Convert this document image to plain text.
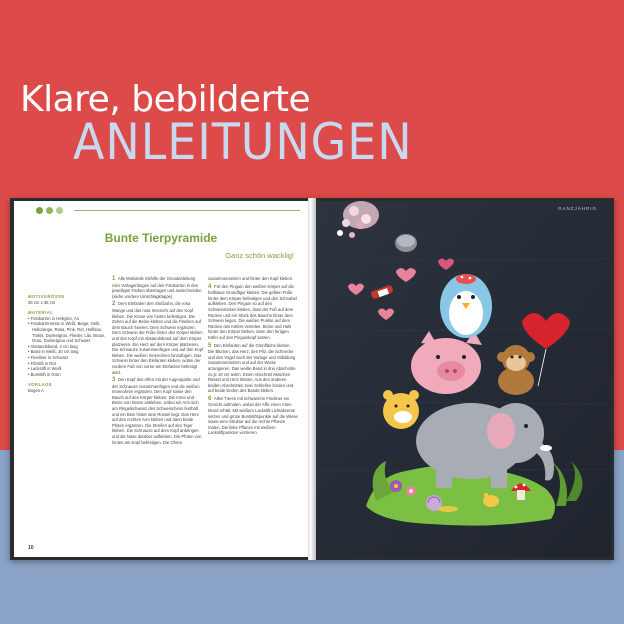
Klare, bebilderte
ANLEITUNGEN
Bunte Tierpyramide
Ganz schön wacklig!
MOTIVGRÖSSE
26 cm x 35 cm
MATERIAL
• Fotokarton in Hellgrün, A4
• Fotokartonreste in Weiß, Beige, Gelb, Hellorange, Rosa, Pink, Rot, Hellblau, Türkis, Dunkelgrün, Flieder, Lila, Braun, Grau, Dunkelgrau und Schwarz
• Abstandsband, 2 cm lang
• Band in Weiß, 30 cm lang
• Fineliner in Schwarz
• Filzstift in Rot
• Lackstift in Weiß
• Buntstift in Grün
VORLAGE
Bogen A
1 Alle Motivteile mithilfe der Grundanleitung vom Vorlagenbogen auf den Fotokarton in den jeweiligen Farben übertragen und ausschneiden (siehe vordere Umschlagklappe).
2 Dem Elefanten den Stoßzahn, die rosa Wange und das rosa Innenohr auf den Kopf kleben. Die Krone von hinten befestigen. Die Zehen auf die Beine kleben und die Flanken auf dem Bauch fixieren. Dem Schwein ergänzen. Dem Schwein die Füße hinter den Körper kleben und den Kopf mit Abstandsband auf dem Körper platzieren. Ein Herz auf dem Körper platzieren. Die Schnauze zusammenfügen und auf den Kopf kleben. Die weißen Innenohren hinzufügen. Das Schwein hinter den Elefanten kleben, wobei der vordere Fuß von vorne am Elefanten befestigt wird.
3 Den Kopf des Affen mit der Augenpartie und der Schnauze zusammenfügen und die weißen Innenohren ergänzen. Den Kopf sowie den Bauch auf den Körper kleben. Die Arme und Beine von hinten ankleben, wobei ein Arm sich am Ringelschwanz des Schweinchens festhält und ein Bein hinter dem Rüssel liegt. Das Herz auf den rechten Arm kleben und dann beide Pfoten ergänzen. Die Streifen auf den Tiger kleben. Die Schnauze auf dem Kopf anbringen und die Nase darüber aufkleben. Die Pfoten von hinten am Kopf befestigen. Die Ohren
zusammensetzen und hinter den Kopf kleben.
4 Für den Pinguin den weißen Körper auf die hellblaue Grundfigur kleben. Die gelben Füße hinter dem Körper befestigen und den Schnabel aufkleben. Den Pinguin so auf den Schweinrücken kleben, dass der Fuß auf dem Rücken und ein Stück des Bauchs hinter dem Schwein liegen. Die weißen Punkte auf dem Rücken des Käfers verteilen. Beine und Hals hinter den Körper kleben, dann den fertigen Käfer auf den Pinguinkopf setzen.
5 Den Elefanten auf die Grünfläche kleben. Die Blumen, das Herz, den Pilz, die Schnecke und den Vogel nach der Vorlage und Abbildung zusammensetzen und auf der Wiese arrangieren. Das weiße Band in drei Abschnitte zu je 10 cm teilen. Einen Abschnitt zwischen Rüssel und Herz kleben. Aus den anderen beiden Abschnitten zwei Schleifen binden und auf beide Enden des Bands kleben.
6 Allen Tieren mit schwarzem Fineliner ein Gesicht aufmalen, wobei der Affe einen roten Mund erhält. Mit weißem Lackstift Lichtakzente setzen und grüne Buntstiftspunkte auf die Wiese sowie eine Struktur auf die rechte Pflanze malen. Die linke Pflanze mit weißem Lackstiftpunkten verzieren.
10
GANZJÄHRIG
